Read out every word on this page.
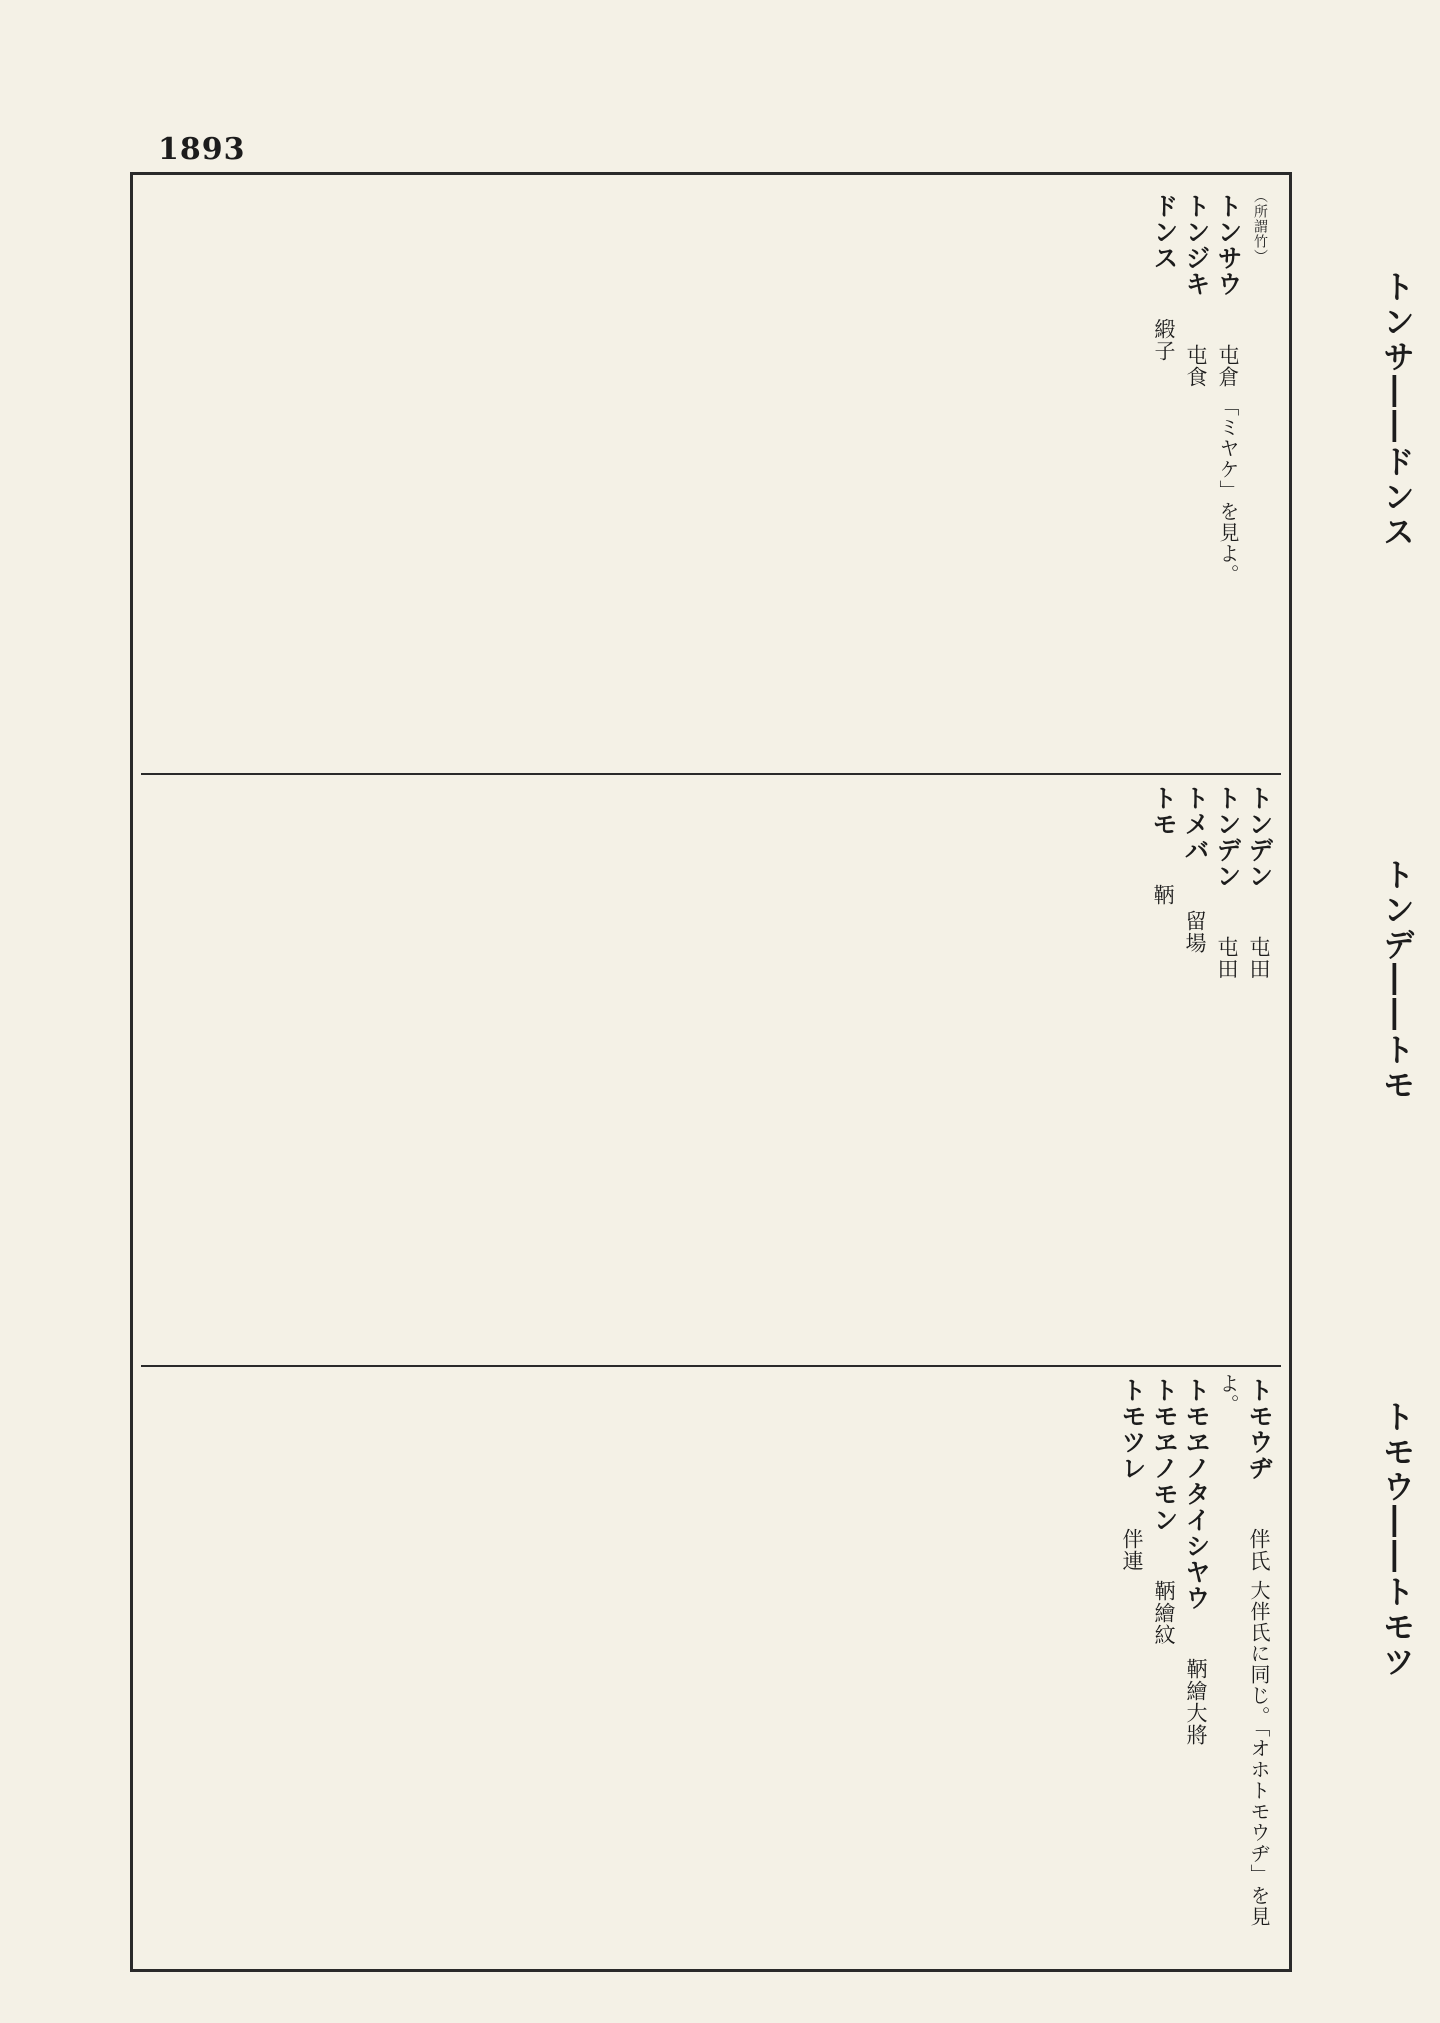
1893
トンサ――ドンス
トンデ――トモ
トモウ――トモツ
（所謂竹）
トンサウ 屯倉 「ミヤケ」を見よ。
トンジキ 屯食
ドンス 緞子
トンデン 屯田
トンデン 屯田
トメバ 留場
トモ 鞆
トモウヂ 伴氏 大伴氏に同じ。「オホトモウヂ」を見よ。
トモヱノタイシヤウ 鞆繪大將
トモヱノモン 鞆繪紋
トモツレ 伴連
